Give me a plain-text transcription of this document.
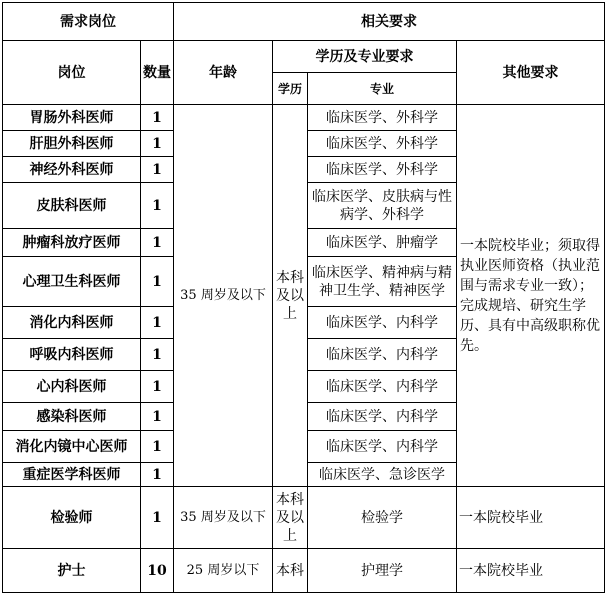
需求岗位		相关要求			
岗位	数量	年龄	学历及专业要求		其他要求
			学历	专业	
胃肠外科医师	1	35 周岁及以下	本科及以上	临床医学、外科学	一本院校毕业；须取得执业医师资格（执业范围与需求专业一致）；完成规培、研究生学历、具有中高级职称优先。
肝胆外科医师	1			临床医学、外科学	
神经外科医师	1			临床医学、外科学	
皮肤科医师	1			临床医学、皮肤病与性病学、外科学	
肿瘤科放疗医师	1			临床医学、肿瘤学	
心理卫生科医师	1			临床医学、精神病与精神卫生学、精神医学	
消化内科医师	1			临床医学、内科学	
呼吸内科医师	1			临床医学、内科学	
心内科医师	1			临床医学、内科学	
感染科医师	1			临床医学、内科学	
消化内镜中心医师	1			临床医学、内科学	
重症医学科医师	1			临床医学、急诊医学	
检验师	1	35 周岁及以下	本科及以上	检验学	一本院校毕业
护士	10	25 周岁以下	本科	护理学	一本院校毕业
